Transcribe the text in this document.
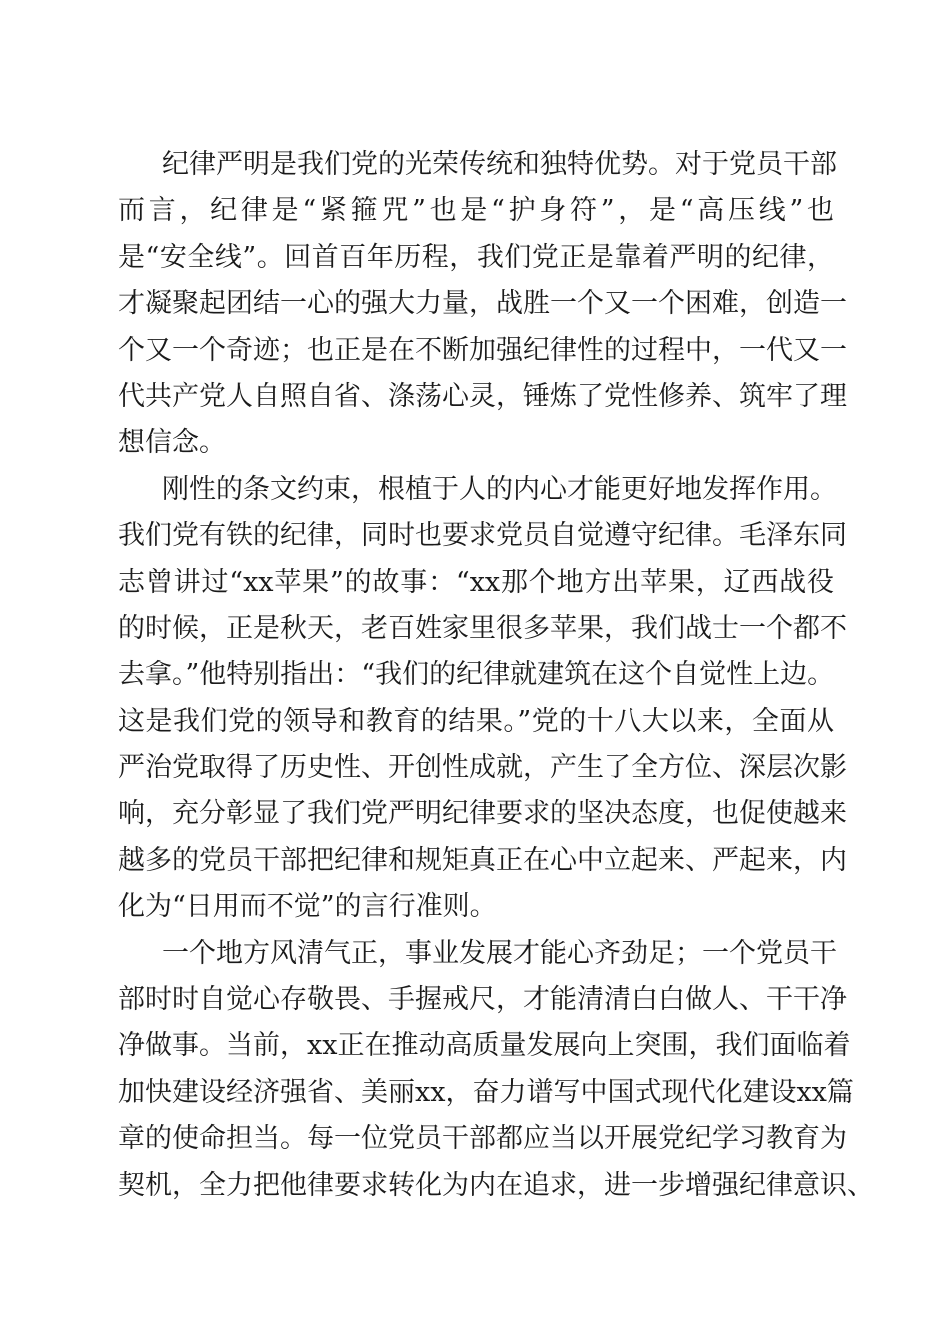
纪律严明是我们党的光荣传统和独特优势。对于党员干部
而言，纪律是“紧箍咒”也是“护身符”，是“高压线”也
是“安全线”。回首百年历程，我们党正是靠着严明的纪律，
才凝聚起团结一心的强大力量，战胜一个又一个困难，创造一
个又一个奇迹；也正是在不断加强纪律性的过程中，一代又一
代共产党人自照自省、涤荡心灵，锤炼了党性修养、筑牢了理
想信念。
刚性的条文约束，根植于人的内心才能更好地发挥作用。
我们党有铁的纪律，同时也要求党员自觉遵守纪律。毛泽东同
志曾讲过“xx苹果”的故事：“xx那个地方出苹果，辽西战役
的时候，正是秋天，老百姓家里很多苹果，我们战士一个都不
去拿。”他特别指出：“我们的纪律就建筑在这个自觉性上边。
这是我们党的领导和教育的结果。”党的十八大以来，全面从
严治党取得了历史性、开创性成就，产生了全方位、深层次影
响，充分彰显了我们党严明纪律要求的坚决态度，也促使越来
越多的党员干部把纪律和规矩真正在心中立起来、严起来，内
化为“日用而不觉”的言行准则。
一个地方风清气正，事业发展才能心齐劲足；一个党员干
部时时自觉心存敬畏、手握戒尺，才能清清白白做人、干干净
净做事。当前，xx正在推动高质量发展向上突围，我们面临着
加快建设经济强省、美丽xx，奋力谱写中国式现代化建设xx篇
章的使命担当。每一位党员干部都应当以开展党纪学习教育为
契机，全力把他律要求转化为内在追求，进一步增强纪律意识、
